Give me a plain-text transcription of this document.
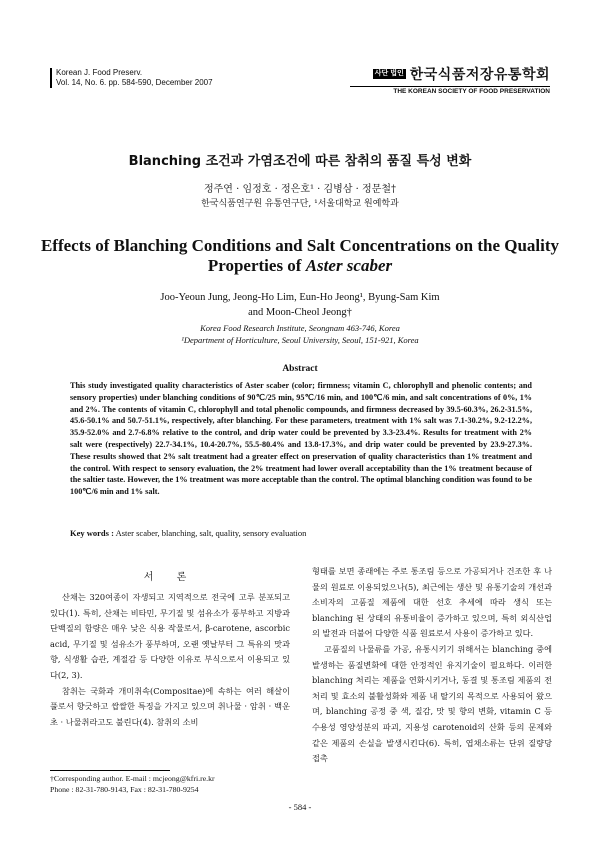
Korean J. Food Preserv.
Vol. 14, No. 6. pp. 584-590, December 2007
사단 법인 한국식품저장유통학회
THE KOREAN SOCIETY OF FOOD PRESERVATION
Blanching 조건과 가염조건에 따른 참취의 품질 특성 변화
정주연 · 임정호 · 정은호¹ · 김병삼 · 정문철†
한국식품연구원 유통연구단, ¹서울대학교 원예학과
Effects of Blanching Conditions and Salt Concentrations on the Quality Properties of Aster scaber
Joo-Yeoun Jung, Jeong-Ho Lim, Eun-Ho Jeong¹, Byung-Sam Kim
and Moon-Cheol Jeong†
Korea Food Research Institute, Seongnam 463-746, Korea
¹Department of Horticulture, Seoul University, Seoul, 151-921, Korea
Abstract
This study investigated quality characteristics of Aster scaber (color; firmness; vitamin C, chlorophyll and phenolic contents; and sensory properties) under blanching conditions of 90℃/25 min, 95℃/16 min, and 100℃/6 min, and salt concentrations of 0%, 1% and 2%. The contents of vitamin C, chlorophyll and total phenolic compounds, and firmness decreased by 39.5-60.3%, 26.2-31.5%, 45.6-50.1% and 50.7-51.1%, respectively, after blanching. For these parameters, treatment with 1% salt was 7.1-30.2%, 9.2-12.2%, 35.9-52.0% and 2.7-6.8% relative to the control, and drip water could be prevented by 3.3-23.4%. Results for treatment with 2% salt were (respectively) 22.7-34.1%, 10.4-20.7%, 55.5-80.4% and 13.8-17.3%, and drip water could be prevented by 23.9-27.3%. These results showed that 2% salt treatment had a greater effect on preservation of quality characteristics than 1% treatment and the control. With respect to sensory evaluation, the 2% treatment had lower overall acceptability than the 1% treatment because of the saltier taste. However, the 1% treatment was more acceptable than the control. The optimal blanching condition was found to be 100℃/6 min and 1% salt.
Key words : Aster scaber, blanching, salt, quality, sensory evaluation
서 론

산채는 320여종이 자생되고 지역적으로 전국에 고루 분포되고 있다(1). 특히, 산채는 비타민, 무기질 및 섬유소가 풍부하고 지방과 단백질의 함량은 매우 낮은 식용 작물로서, β-carotene, ascorbic acid, 무기질 및 섬유소가 풍부하며, 오랜 옛날부터 그 특유의 맛과 향, 식생활 습관, 계절감 등 다양한 이유로 부식으로서 이용되고 있다(2, 3).

참취는 국화과 개미취속(Compositae)에 속하는 여러 해살이 풀로서 향긋하고 쌉쌀한 특징을 가지고 있으며 취나물 · 암취 · 백운초 · 나물취라고도 불린다(4). 참취의 소비

형태를 보면 종래에는 주로 통조림 등으로 가공되거나 건조한 후 나물의 원료로 이용되었으나(5), 최근에는 생산 및 유통기술의 개선과 소비자의 고품질 제품에 대한 선호 추세에 따라 생식 또는 blanching 된 상태의 유통비율이 증가하고 있으며, 특히 외식산업의 발전과 더불어 다양한 식품 원료로서 사용이 증가하고 있다.

고품질의 나물류를 가공, 유통시키기 위해서는 blanching 중에 발생하는 품질변화에 대한 안정적인 유지기술이 필요하다. 이러한 blanching 처리는 제품을 연화시키거나, 동결 및 통조림 제품의 전처리 및 효소의 불활성화와 제품 내 탈기의 목적으로 사용되어 왔으며, blanching 공정 중 색, 질감, 맛 및 향의 변화, vitamin C 등 수용성 영양성분의 파괴, 지용성 carotenoid의 산화 등의 문제와 같은 제품의 손실을 발생시킨다(6). 특히, 엽채소류는 단위 질량당 접촉

†Corresponding author. E-mail : mcjeong@kfri.re.kr
Phone : 82-31-780-9143, Fax : 82-31-780-9254
- 584 -
